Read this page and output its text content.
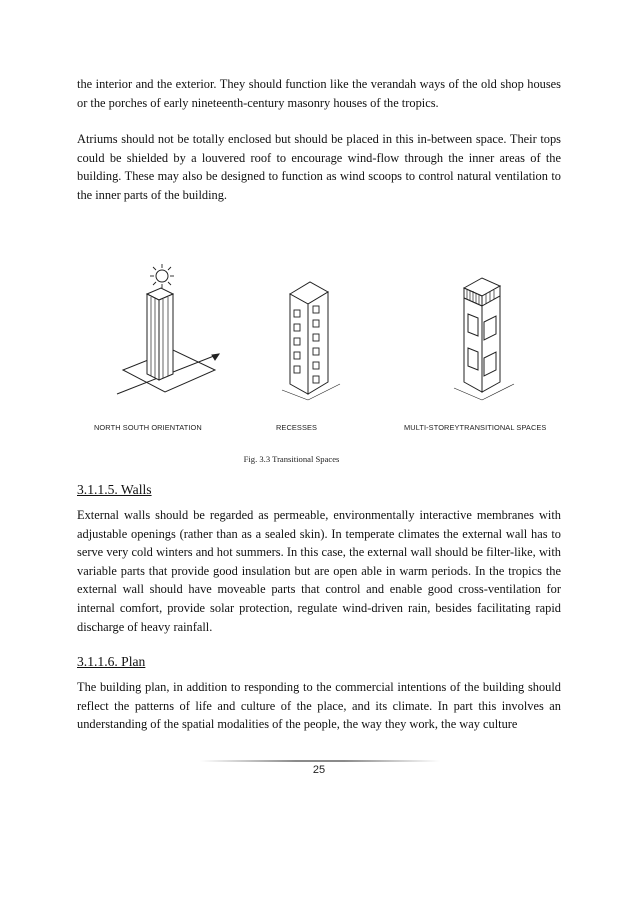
the interior and the exterior. They should function like the verandah ways of the old shop houses or the porches of early nineteenth-century masonry houses of the tropics.

Atriums should not be totally enclosed but should be placed in this in-between space. Their tops could be shielded by a louvered roof to encourage wind-flow through the inner areas of the building. These may also be designed to function as wind scoops to control natural ventilation to the inner parts of the building.

NORTH SOUTH ORIENTATION	RECESSES	MULTI-STOREYTRANSITIONAL SPACES
Fig. 3.3 Transitional Spaces
3.1.1.5. Walls

External walls should be regarded as permeable, environmentally interactive membranes with adjustable openings (rather than as a sealed skin). In temperate climates the external wall has to serve very cold winters and hot summers. In this case, the external wall should be filter-like, with variable parts that provide good insulation but are open able in warm periods. In the tropics the external wall should have moveable parts that control and enable good cross-ventilation for internal comfort, provide solar protection, regulate wind-driven rain, besides facilitating rapid discharge of heavy rainfall.

3.1.1.6. Plan

The building plan, in addition to responding to the commercial intentions of the building should reflect the patterns of life and culture of the place, and its climate. In part this involves an understanding of the spatial modalities of the people, the way they work, the way culture

25
